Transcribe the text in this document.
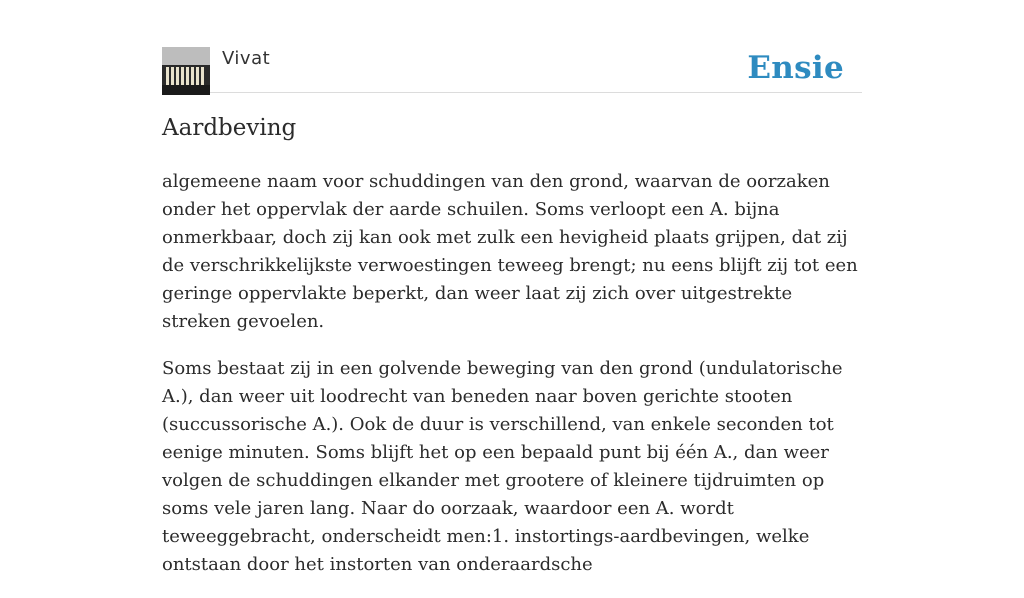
Vivat	Ensie
Aardbeving

algemeene naam voor schuddingen van den grond, waarvan de oorzaken onder het oppervlak der aarde schuilen. Soms verloopt een A. bijna onmerkbaar, doch zij kan ook met zulk een hevigheid plaats grijpen, dat zij de verschrikkelijkste verwoestingen teweeg brengt; nu eens blijft zij tot een geringe oppervlakte beperkt, dan weer laat zij zich over uitgestrekte streken gevoelen.

Soms bestaat zij in een golvende beweging van den grond (undulatorische A.), dan weer uit loodrecht van beneden naar boven gerichte stooten (succussorische A.). Ook de duur is verschillend, van enkele seconden tot eenige minuten. Soms blijft het op een bepaald punt bij één A., dan weer volgen de schuddingen elkander met grootere of kleinere tijdruimten op soms vele jaren lang. Naar do oorzaak, waardoor een A. wordt teweeggebracht, onderscheidt men:1. instortings-aardbevingen, welke ontstaan door het instorten van onderaardsche
